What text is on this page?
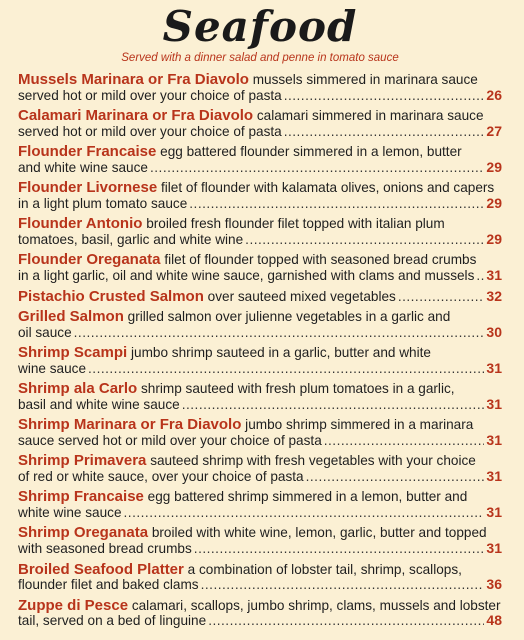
Seafood
Served with a dinner salad and penne in tomato sauce
Mussels Marinara or Fra Diavolo mussels simmered in marinara sauce
served hot or mild over your choice of pasta .....	26
Calamari Marinara or Fra Diavolo calamari simmered in marinara sauce
served hot or mild over your choice of pasta .....	27
Flounder Francaise egg battered flounder simmered in a lemon, butter
and white wine sauce .....	29
Flounder Livornese filet of flounder with kalamata olives, onions and capers
in a light plum tomato sauce .....	29
Flounder Antonio broiled fresh flounder filet topped with italian plum
tomatoes, basil, garlic and white wine .....	29
Flounder Oreganata filet of flounder topped with seasoned bread crumbs
in a light garlic, oil and white wine sauce, garnished with clams and mussels ..... 31
Pistachio Crusted Salmon
over sauteed mixed vegetables .....	32
Grilled Salmon grilled salmon over julienne vegetables in a garlic and
oil sauce .....	30
Shrimp Scampi jumbo shrimp sauteed in a garlic, butter and white
wine sauce .....	31
Shrimp ala Carlo shrimp sauteed with fresh plum tomatoes in a garlic,
basil and white wine sauce .....	31
Shrimp Marinara or Fra Diavolo jumbo shrimp simmered in a marinara
sauce served hot or mild over your choice of pasta .....	31
Shrimp Primavera sauteed shrimp with fresh vegetables with your choice
of red or white sauce, over your choice of pasta .....	31
Shrimp Francaise egg battered shrimp simmered in a lemon, butter and
white wine sauce .....	31
Shrimp Oreganata broiled with white wine, lemon, garlic, butter and topped
with seasoned bread crumbs .....	31
Broiled Seafood Platter a combination of lobster tail, shrimp, scallops,
flounder filet and baked clams .....	36
Zuppe di Pesce calamari, scallops, jumbo shrimp, clams, mussels and lobster
tail, served on a bed of linguine .....	48
